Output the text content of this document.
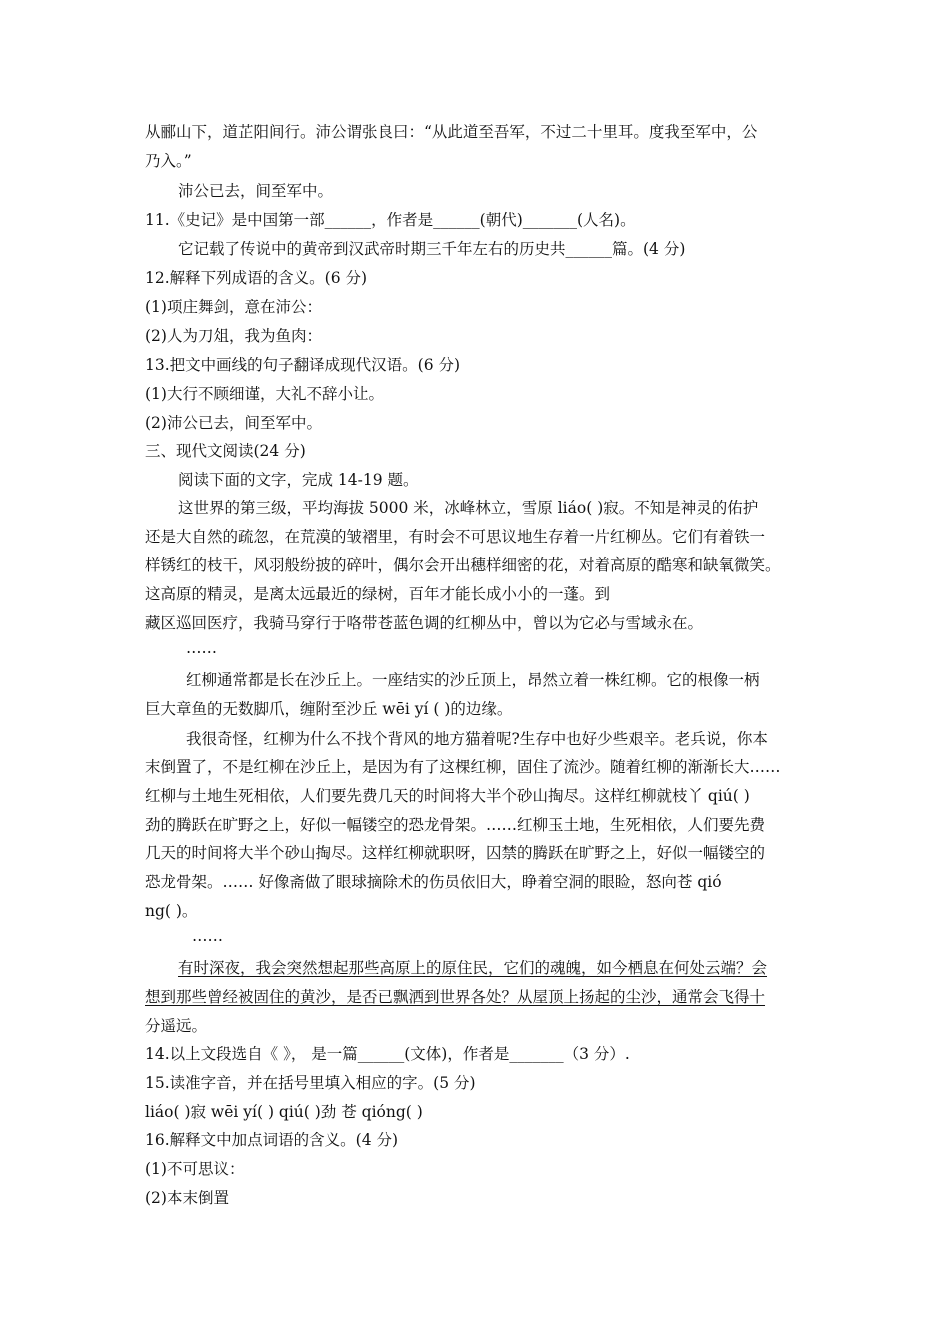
从郦山下，道芷阳间行。沛公谓张良曰：“从此道至吾军，不过二十里耳。度我至军中，公
乃入。”
沛公已去，间至军中。
11.《史记》是中国第一部______，作者是______(朝代)_______(人名)。
它记载了传说中的黄帝到汉武帝时期三千年左右的历史共______篇。(4 分)
12.解释下列成语的含义。(6 分)
(1)项庄舞剑，意在沛公：
(2)人为刀俎，我为鱼肉：
13.把文中画线的句子翻译成现代汉语。(6 分)
(1)大行不顾细谨，大礼不辞小让。
(2)沛公已去，间至军中。
三、现代文阅读(24 分)
阅读下面的文字，完成 14-19 题。
这世界的第三级，平均海拔 5000 米，冰峰林立，雪原 liáo( )寂。不知是神灵的佑护
还是大自然的疏忽，在荒漠的皱褶里，有时会不可思议地生存着一片红柳丛。它们有着铁一
样锈红的枝干，风羽般纷披的碎叶，偶尔会开出穗样细密的花，对着高原的酷寒和缺氧微笑。
这高原的精灵，是离太远最近的绿树，百年才能长成小小的一蓬。到
藏区巡回医疗，我骑马穿行于咯带苍蓝色调的红柳丛中，曾以为它必与雪域永在。
……
红柳通常都是长在沙丘上。一座结实的沙丘顶上，昂然立着一株红柳。它的根像一柄
巨大章鱼的无数脚爪，缠附至沙丘 wēi yí ( )的边缘。
我很奇怪，红柳为什么不找个背风的地方猫着呢?生存中也好少些艰辛。老兵说，你本
末倒置了，不是红柳在沙丘上，是因为有了这棵红柳，固住了流沙。随着红柳的渐渐长大……
红柳与土地生死相依，人们要先费几天的时间将大半个砂山掏尽。这样红柳就枝丫 qiú( )
劲的腾跃在旷野之上，好似一幅镂空的恐龙骨架。……红柳玉土地，生死相依，人们要先费
几天的时间将大半个砂山掏尽。这样红柳就职呀，囚禁的腾跃在旷野之上，好似一幅镂空的
恐龙骨架。…… 好像斋做了眼球摘除术的伤员依旧大，睁着空洞的眼睑，怒向苍 qió
ng( )。
……
有时深夜，我会突然想起那些高原上的原住民，它们的魂魄，如今栖息在何处云端？会
想到那些曾经被固住的黄沙，是否已飘洒到世界各处？从屋顶上扬起的尘沙，通常会飞得十
分遥远。
14.以上文段选自《 》， 是一篇______(文体)，作者是_______（3 分）.
15.读准字音，并在括号里填入相应的字。(5 分)
liáo( )寂 wēi yí( ) qiú( )劲 苍 qióng( )
16.解释文中加点词语的含义。(4 分)
(1)不可思议：
(2)本末倒置
